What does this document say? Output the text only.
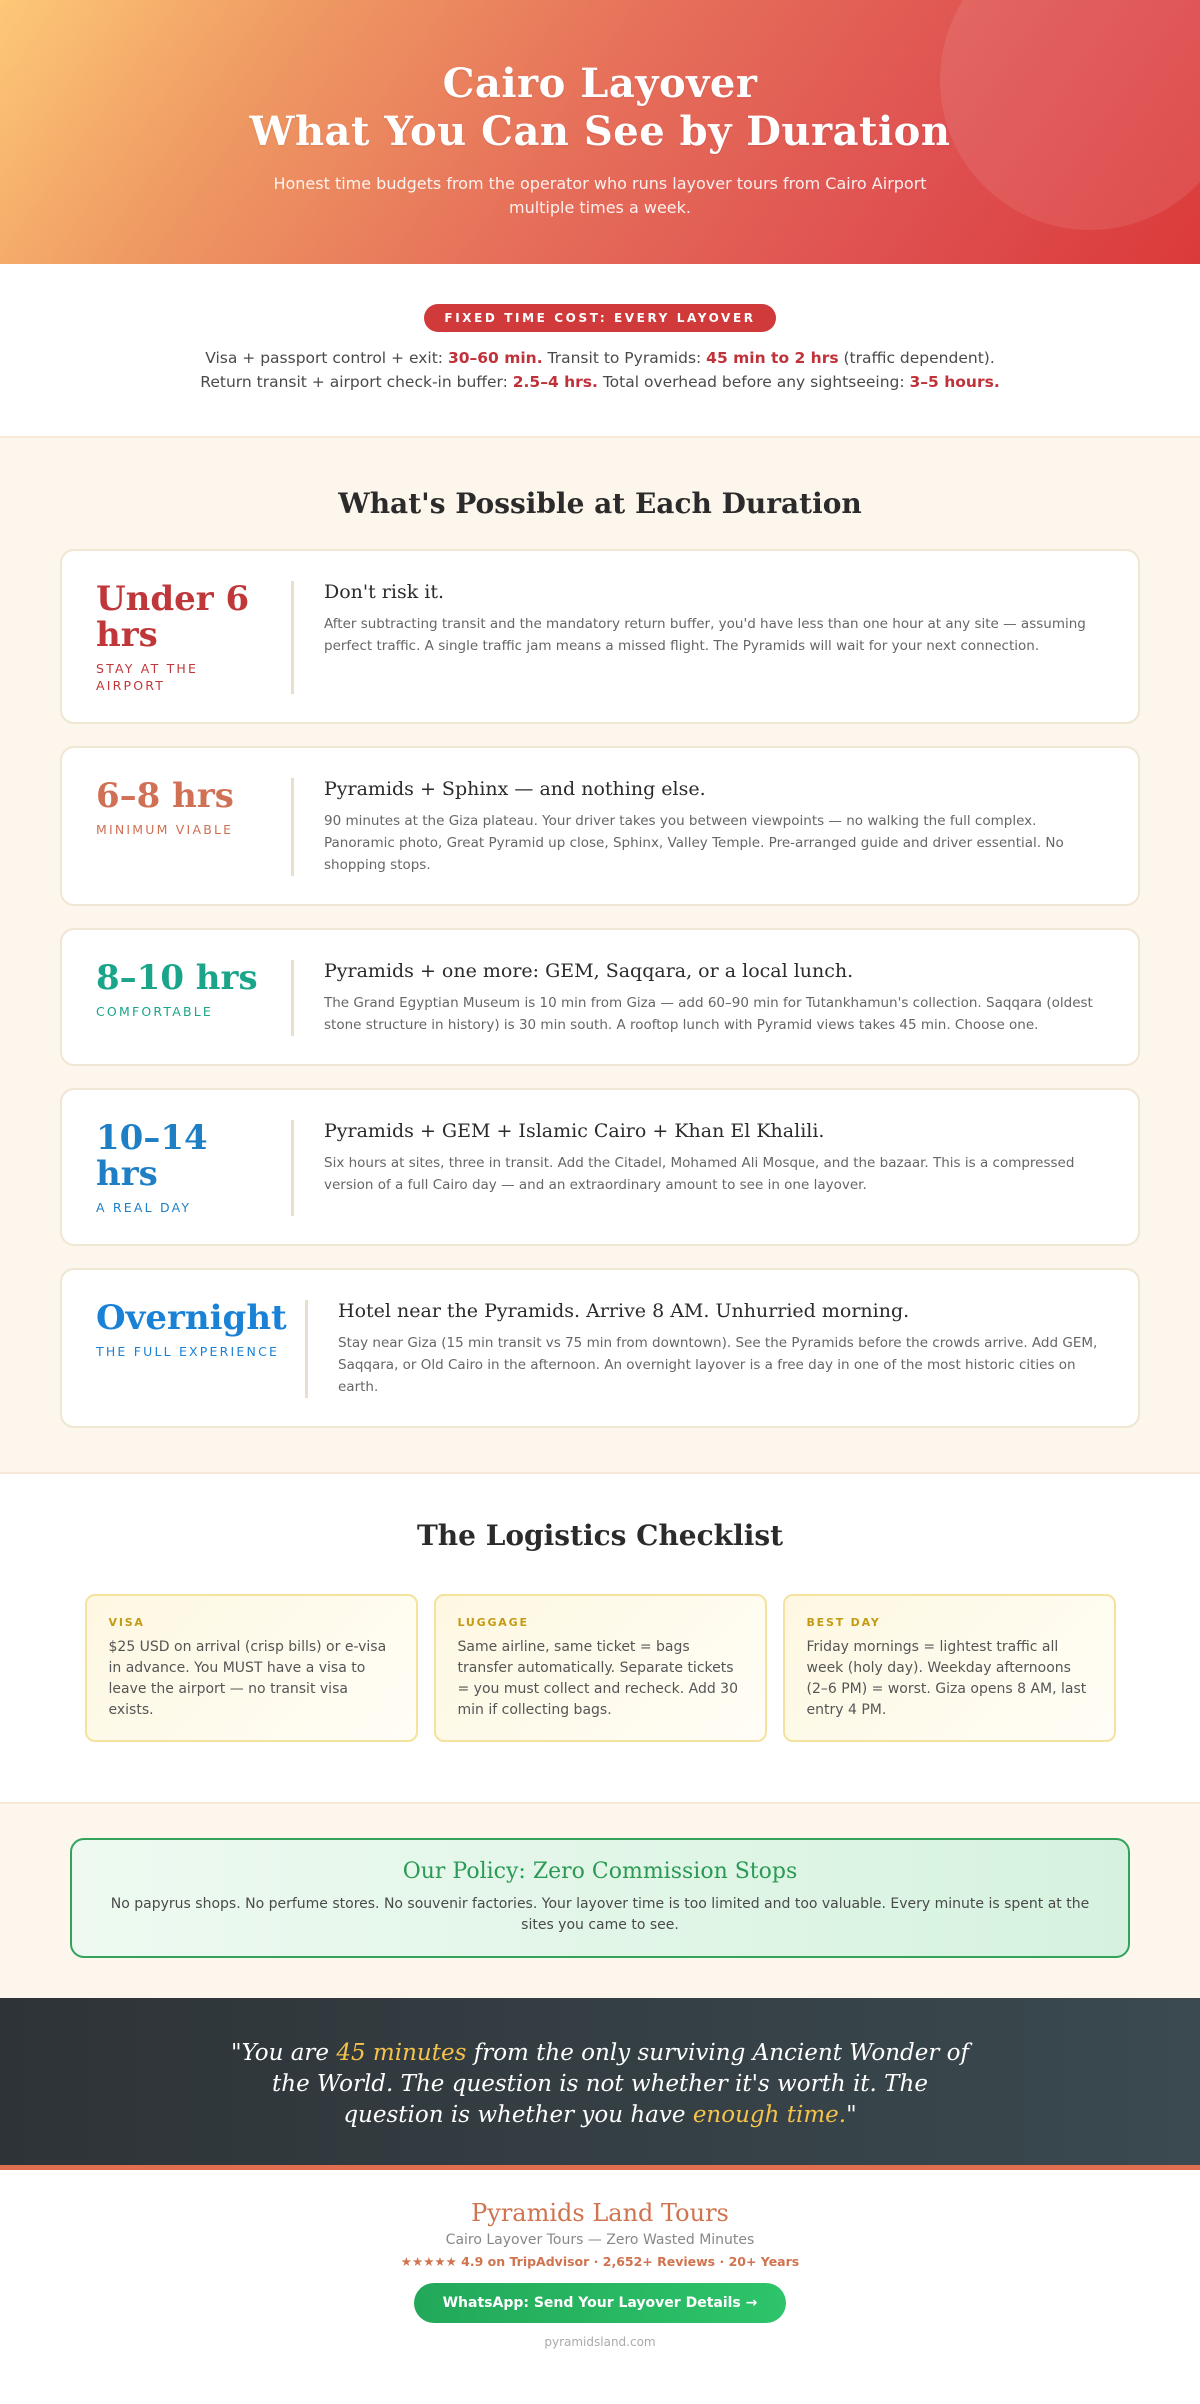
Cairo Layover
What You Can See by Duration

Honest time budgets from the operator who runs layover tours from Cairo Airport multiple times a week.

FIXED TIME COST: EVERY LAYOVER
Visa + passport control + exit: 30–60 min. Transit to Pyramids: 45 min to 2 hrs (traffic dependent).
Return transit + airport check-in buffer: 2.5–4 hrs. Total overhead before any sightseeing: 3–5 hours.
What's Possible at Each Duration
Under 6 hrs
STAY AT THE AIRPORT
Don't risk it.

After subtracting transit and the mandatory return buffer, you'd have less than one hour at any site — assuming perfect traffic. A single traffic jam means a missed flight. The Pyramids will wait for your next connection.

6–8 hrs
MINIMUM VIABLE
Pyramids + Sphinx — and nothing else.

90 minutes at the Giza plateau. Your driver takes you between viewpoints — no walking the full complex. Panoramic photo, Great Pyramid up close, Sphinx, Valley Temple. Pre-arranged guide and driver essential. No shopping stops.

8–10 hrs
COMFORTABLE
Pyramids + one more: GEM, Saqqara, or a local lunch.

The Grand Egyptian Museum is 10 min from Giza — add 60–90 min for Tutankhamun's collection. Saqqara (oldest stone structure in history) is 30 min south. A rooftop lunch with Pyramid views takes 45 min. Choose one.

10–14 hrs
A REAL DAY
Pyramids + GEM + Islamic Cairo + Khan El Khalili.

Six hours at sites, three in transit. Add the Citadel, Mohamed Ali Mosque, and the bazaar. This is a compressed version of a full Cairo day — and an extraordinary amount to see in one layover.

Overnight
THE FULL EXPERIENCE
Hotel near the Pyramids. Arrive 8 AM. Unhurried morning.

Stay near Giza (15 min transit vs 75 min from downtown). See the Pyramids before the crowds arrive. Add GEM, Saqqara, or Old Cairo in the afternoon. An overnight layover is a free day in one of the most historic cities on earth.

The Logistics Checklist
VISA
$25 USD on arrival (crisp bills) or e-visa in advance. You MUST have a visa to leave the airport — no transit visa exists.
LUGGAGE
Same airline, same ticket = bags transfer automatically. Separate tickets = you must collect and recheck. Add 30 min if collecting bags.
BEST DAY
Friday mornings = lightest traffic all week (holy day). Weekday afternoons (2–6 PM) = worst. Giza opens 8 AM, last entry 4 PM.
Our Policy: Zero Commission Stops

No papyrus shops. No perfume stores. No souvenir factories. Your layover time is too limited and too valuable. Every minute is spent at the sites you came to see.

"You are 45 minutes from the only surviving Ancient Wonder of the World. The question is not whether it's worth it. The question is whether you have enough time."

Pyramids Land Tours
Cairo Layover Tours — Zero Wasted Minutes
★★★★★ 4.9 on TripAdvisor · 2,652+ Reviews · 20+ Years
WhatsApp: Send Your Layover Details →
pyramidsland.com
